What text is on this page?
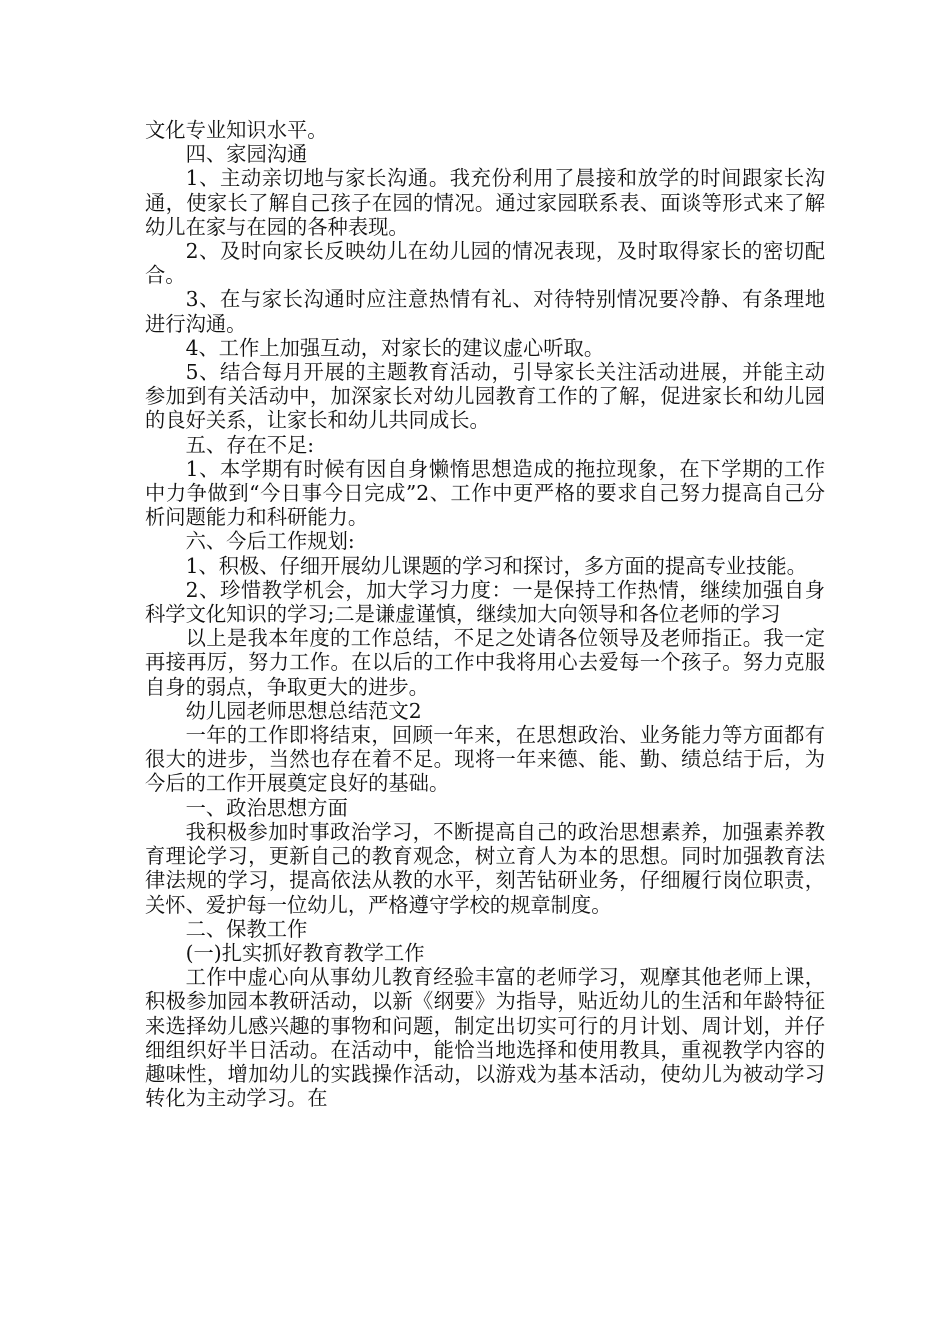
文化专业知识水平。

四、家园沟通

1、主动亲切地与家长沟通。我充份利用了晨接和放学的时间跟家长沟通，使家长了解自己孩子在园的情况。通过家园联系表、面谈等形式来了解幼儿在家与在园的各种表现。

2、及时向家长反映幼儿在幼儿园的情况表现，及时取得家长的密切配合。

3、在与家长沟通时应注意热情有礼、对待特别情况要冷静、有条理地进行沟通。

4、工作上加强互动，对家长的建议虚心听取。

5、结合每月开展的主题教育活动，引导家长关注活动进展，并能主动参加到有关活动中，加深家长对幼儿园教育工作的了解，促进家长和幼儿园的良好关系，让家长和幼儿共同成长。

五、存在不足:

1、本学期有时候有因自身懒惰思想造成的拖拉现象，在下学期的工作中力争做到“今日事今日完成”2、工作中更严格的要求自己努力提高自己分析问题能力和科研能力。

六、今后工作规划:

1、积极、仔细开展幼儿课题的学习和探讨，多方面的提高专业技能。

2、珍惜教学机会，加大学习力度：一是保持工作热情，继续加强自身科学文化知识的学习;二是谦虚谨慎，继续加大向领导和各位老师的学习

以上是我本年度的工作总结，不足之处请各位领导及老师指正。我一定再接再厉，努力工作。在以后的工作中我将用心去爱每一个孩子。努力克服自身的弱点，争取更大的进步。

幼儿园老师思想总结范文2

一年的工作即将结束，回顾一年来，在思想政治、业务能力等方面都有很大的进步，当然也存在着不足。现将一年来德、能、勤、绩总结于后，为今后的工作开展奠定良好的基础。

一、政治思想方面

我积极参加时事政治学习，不断提高自己的政治思想素养，加强素养教育理论学习，更新自己的教育观念，树立育人为本的思想。同时加强教育法律法规的学习，提高依法从教的水平，刻苦钻研业务，仔细履行岗位职责，关怀、爱护每一位幼儿，严格遵守学校的规章制度。

二、保教工作

(一)扎实抓好教育教学工作

工作中虚心向从事幼儿教育经验丰富的老师学习，观摩其他老师上课，积极参加园本教研活动，以新《纲要》为指导，贴近幼儿的生活和年龄特征来选择幼儿感兴趣的事物和问题，制定出切实可行的月计划、周计划，并仔细组织好半日活动。在活动中，能恰当地选择和使用教具，重视教学内容的趣味性，增加幼儿的实践操作活动，以游戏为基本活动，使幼儿为被动学习转化为主动学习。在
